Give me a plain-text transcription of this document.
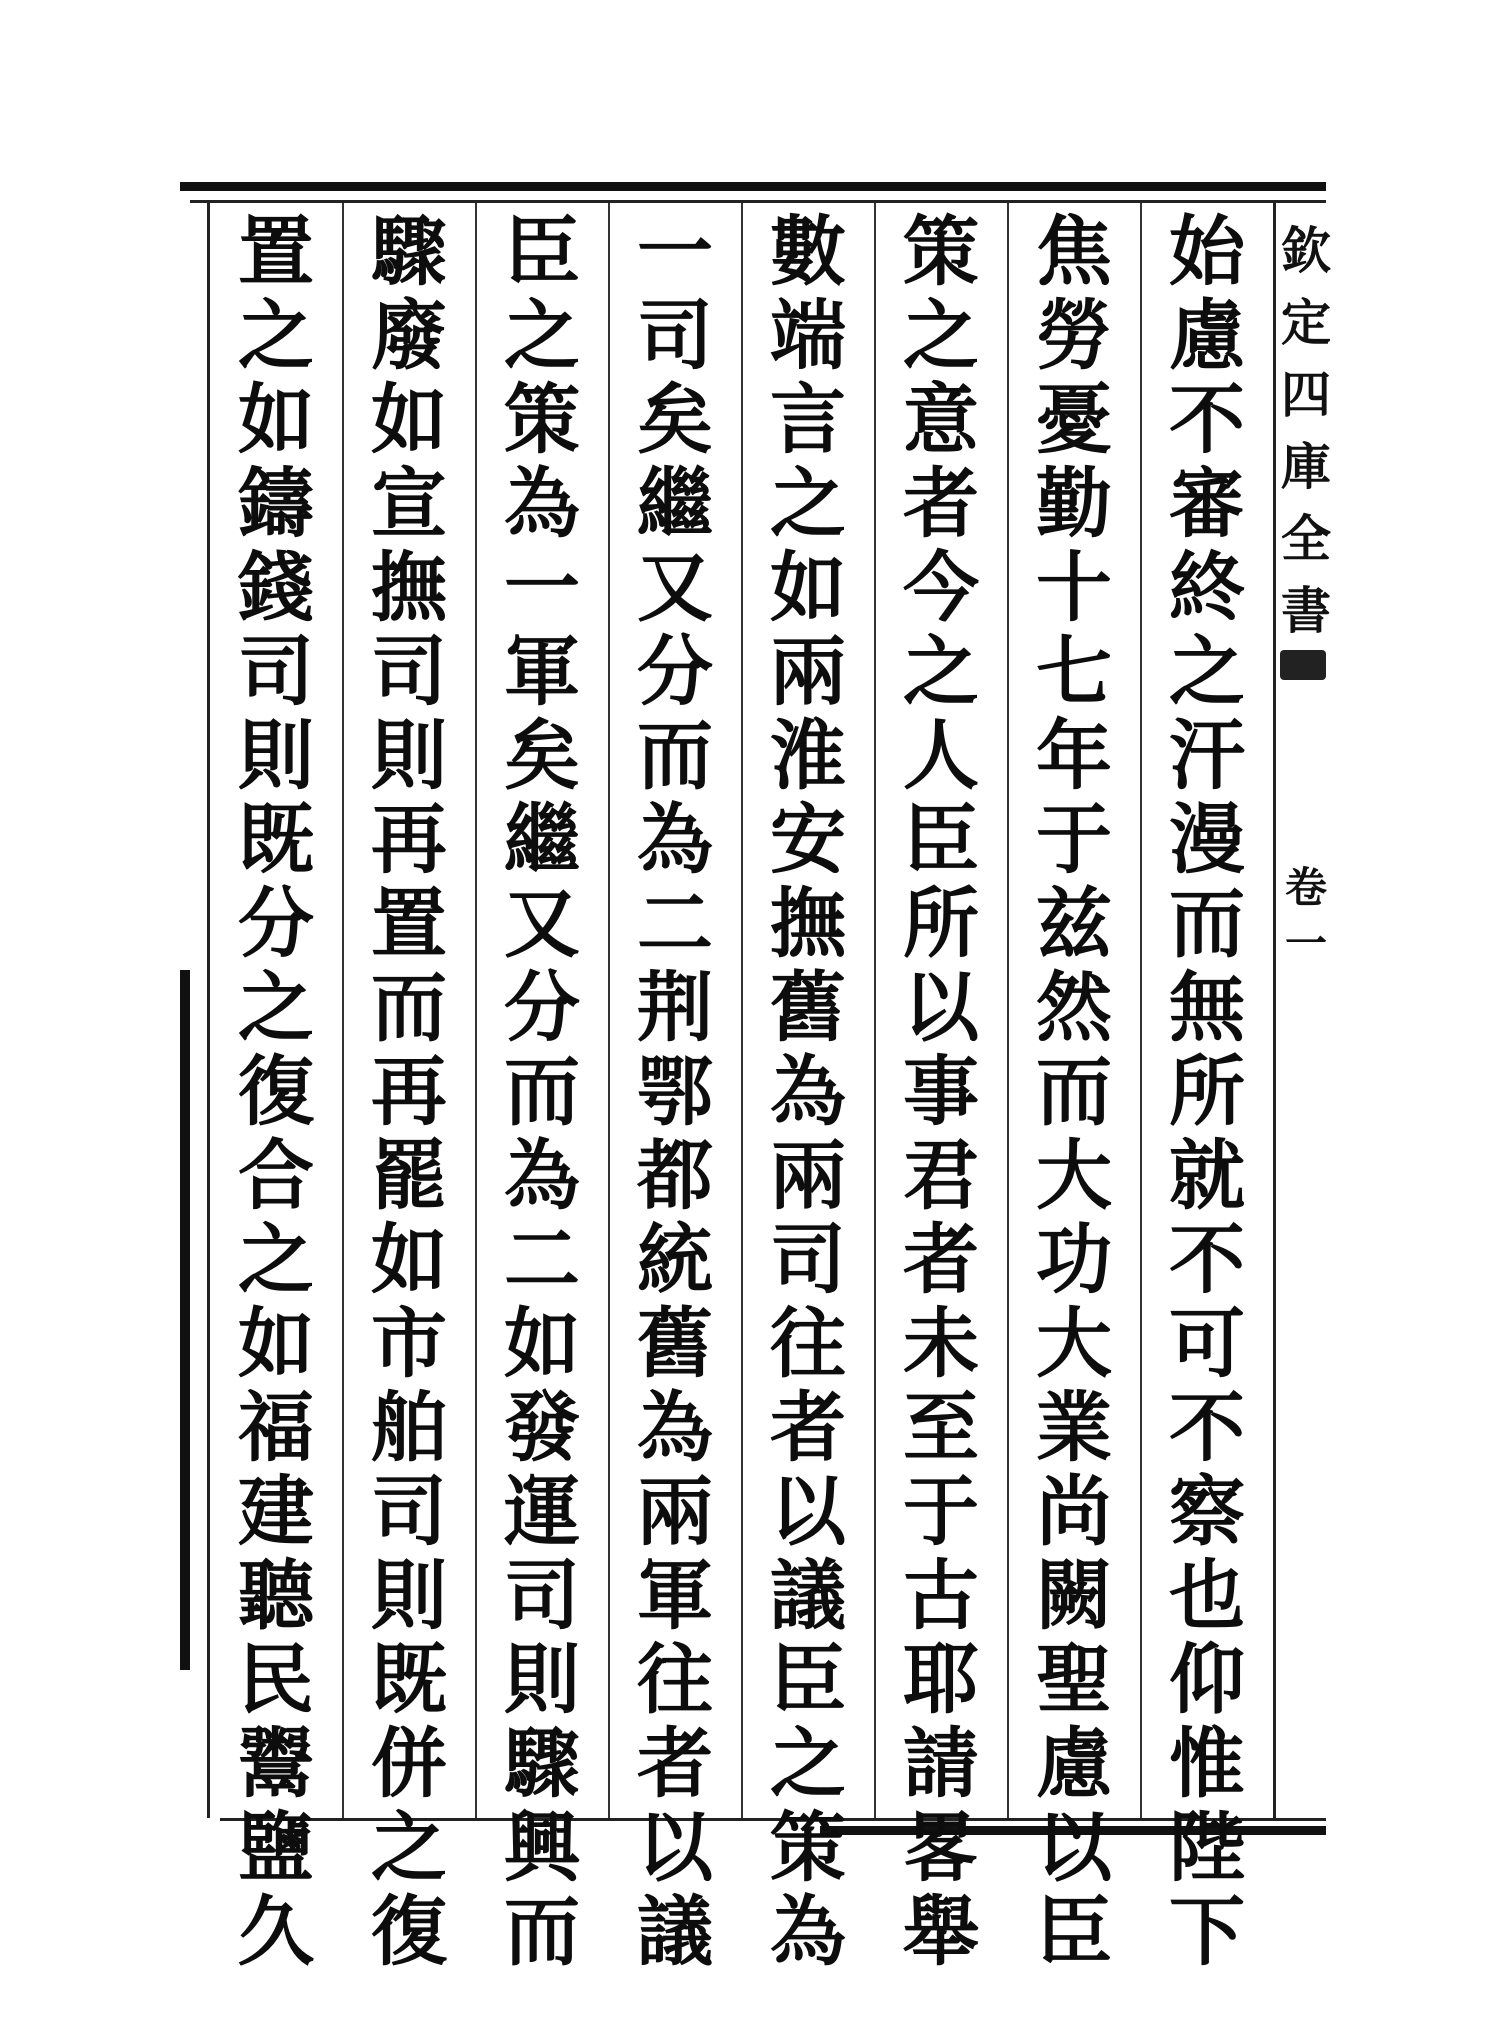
始
慮
不
審
終
之
汗
漫
而
無
所
就
不
可
不
察
也
仰
惟
陛
下
焦
勞
憂
勤
十
七
年
于
兹
然
而
大
功
大
業
尚
闕
聖
慮
以
臣
策
之
意
者
今
之
人
臣
所
以
事
君
者
未
至
于
古
耶
請
畧
舉
數
端
言
之
如
兩
淮
安
撫
舊
為
兩
司
往
者
以
議
臣
之
策
為
一
司
矣
繼
又
分
而
為
二
荆
鄂
都
統
舊
為
兩
軍
往
者
以
議
臣
之
策
為
一
軍
矣
繼
又
分
而
為
二
如
發
運
司
則
驟
興
而
驟
廢
如
宣
撫
司
則
再
置
而
再
罷
如
市
舶
司
則
既
併
之
復
置
之
如
鑄
錢
司
則
既
分
之
復
合
之
如
福
建
聽
民
鬻
鹽
久
欽
定
四
庫
全
書
卷
一
